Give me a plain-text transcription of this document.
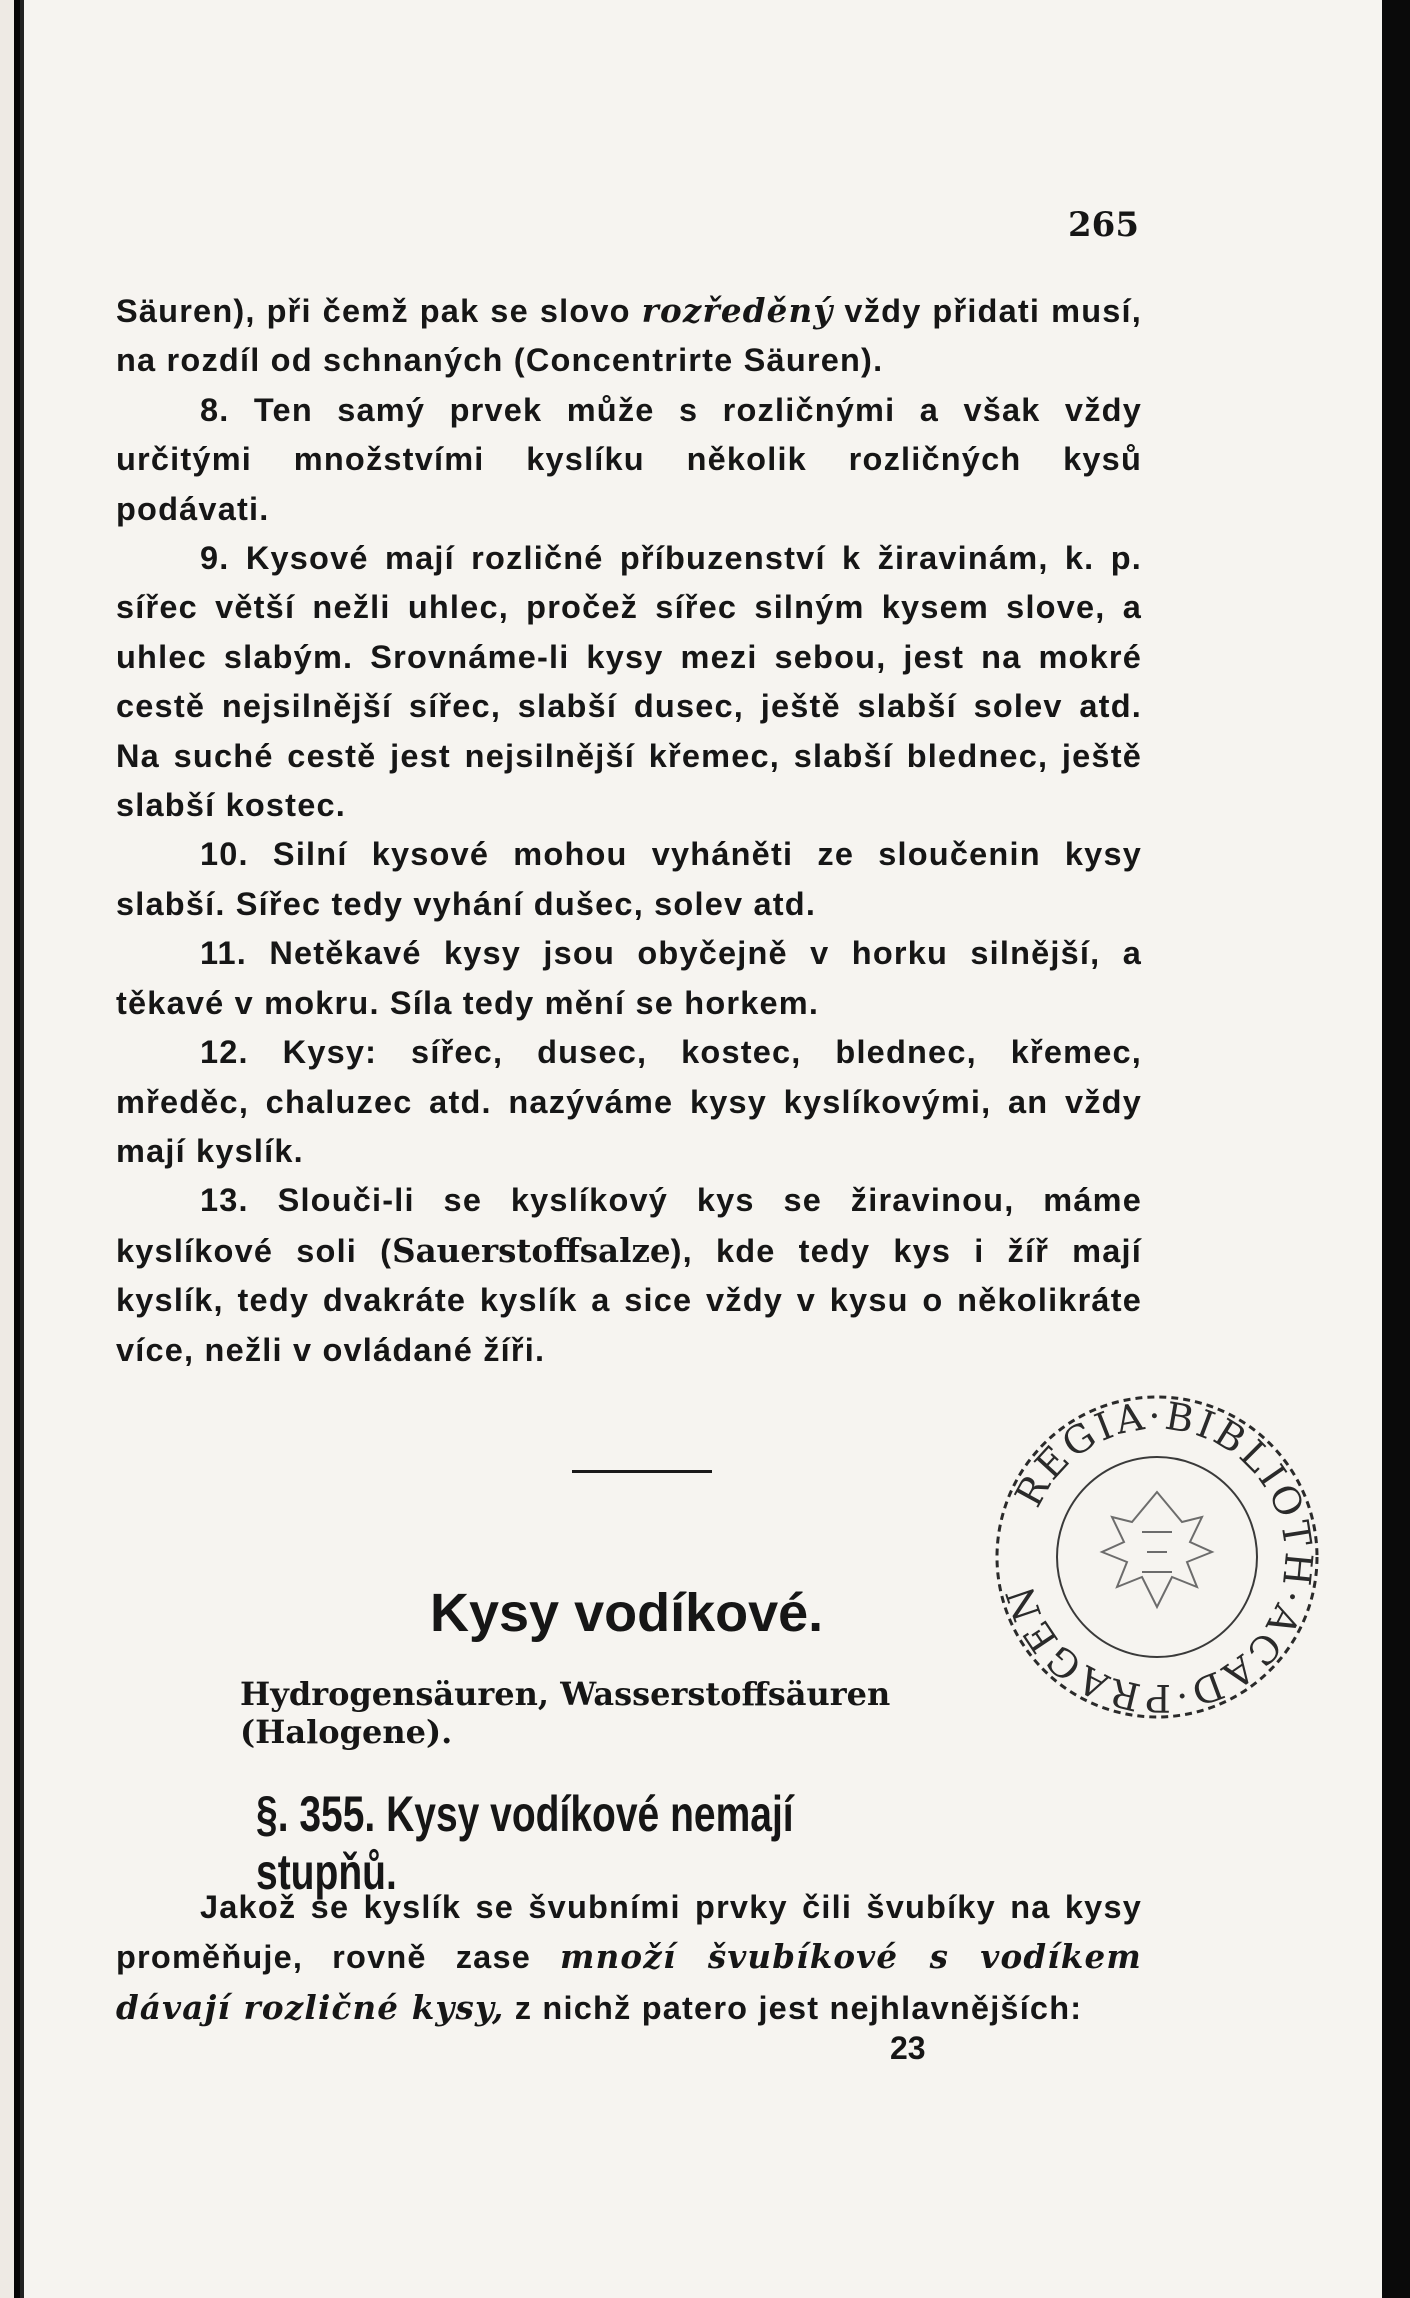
265

Säuren), při čemž pak se slovo rozředěný vždy přidati musí, na rozdíl od schnaných (Concentrirte Säuren).

8. Ten samý prvek může s rozličnými a však vždy určitými množstvími kyslíku několik rozličných kysů podávati.

9. Kysové mají rozličné příbuzenství k žiravinám, k. p. sířec větší nežli uhlec, pročež sířec silným kysem slove, a uhlec slabým. Srovnáme-li kysy mezi sebou, jest na mokré cestě nejsilnější sířec, slabší dusec, ještě slabší solev atd. Na suché cestě jest nejsilnější křemec, slabší blednec, ještě slabší kostec.

10. Silní kysové mohou vyháněti ze sloučenin kysy slabší. Sířec tedy vyhání dušec, solev atd.

11. Netěkavé kysy jsou obyčejně v horku silnější, a těkavé v mokru. Síla tedy mění se horkem.

12. Kysy: sířec, dusec, kostec, blednec, křemec, mředěc, chaluzec atd. nazýváme kysy kyslíkovými, an vždy mají kyslík.

13. Slouči-li se kyslíkový kys se žiravinou, máme kyslíkové soli (Sauerstoffsalze), kde tedy kys i žíř mají kyslík, tedy dvakráte kyslík a sice vždy v kysu o několikráte více, nežli v ovládané žíři.

Kysy vodíkové.
Hydrogensäuren, Wasserstoffsäuren (Halogene).
§. 355. Kysy vodíkové nemají stupňů.

Jakož se kyslík se švubními prvky čili švubíky na kysy proměňuje, rovně zase množí švubíkové s vodíkem dávají rozličné kysy, z nichž patero jest nejhlavnějších:

23
REGIA·BIBLIOTH·ACAD·PRAGEN
